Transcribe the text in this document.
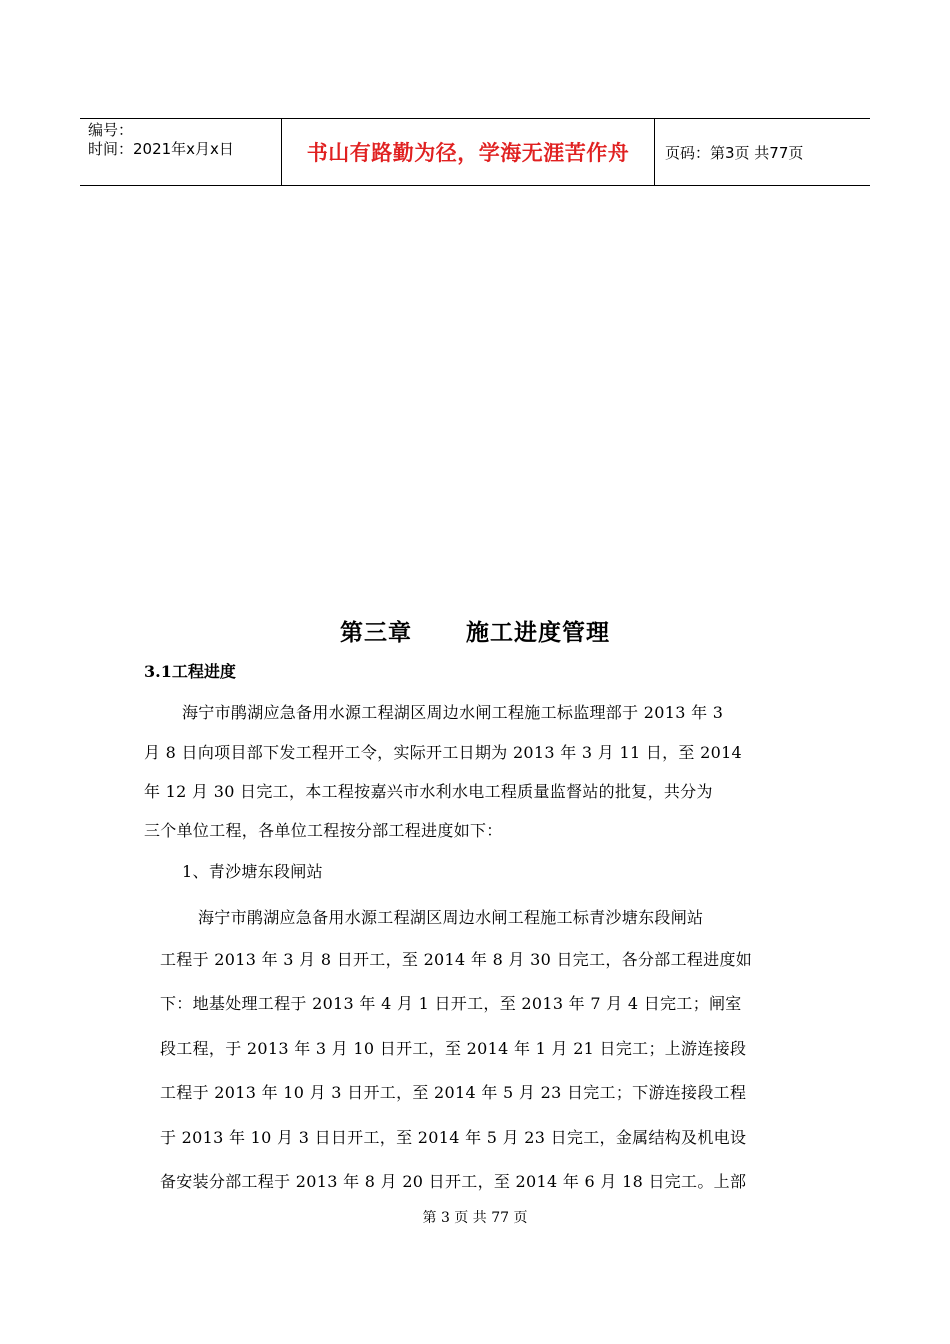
编号：
时间：2021年x月x日	书山有路勤为径，学海无涯苦作舟	页码：第3页 共77页
第三章      施工进度管理
3.1工程进度
海宁市鹃湖应急备用水源工程湖区周边水闸工程施工标监理部于 2013 年 3
月 8 日向项目部下发工程开工令，实际开工日期为 2013 年 3 月 11 日，至 2014
年 12 月 30 日完工，本工程按嘉兴市水利水电工程质量监督站的批复，共分为
三个单位工程，各单位工程按分部工程进度如下：
1、青沙塘东段闸站
海宁市鹃湖应急备用水源工程湖区周边水闸工程施工标青沙塘东段闸站
工程于 2013 年 3 月 8 日开工，至 2014 年 8 月 30 日完工，各分部工程进度如
下：地基处理工程于 2013 年 4 月 1 日开工，至 2013 年 7 月 4 日完工；闸室
段工程，于 2013 年 3 月 10 日开工，至 2014 年 1 月 21 日完工；上游连接段
工程于 2013 年 10 月 3 日开工，至 2014 年 5 月 23 日完工；下游连接段工程
于 2013 年 10 月 3 日日开工，至 2014 年 5 月 23 日完工，金属结构及机电设
备安装分部工程于 2013 年 8 月 20 日开工，至 2014 年 6 月 18 日完工。上部
第 3 页 共 77 页
